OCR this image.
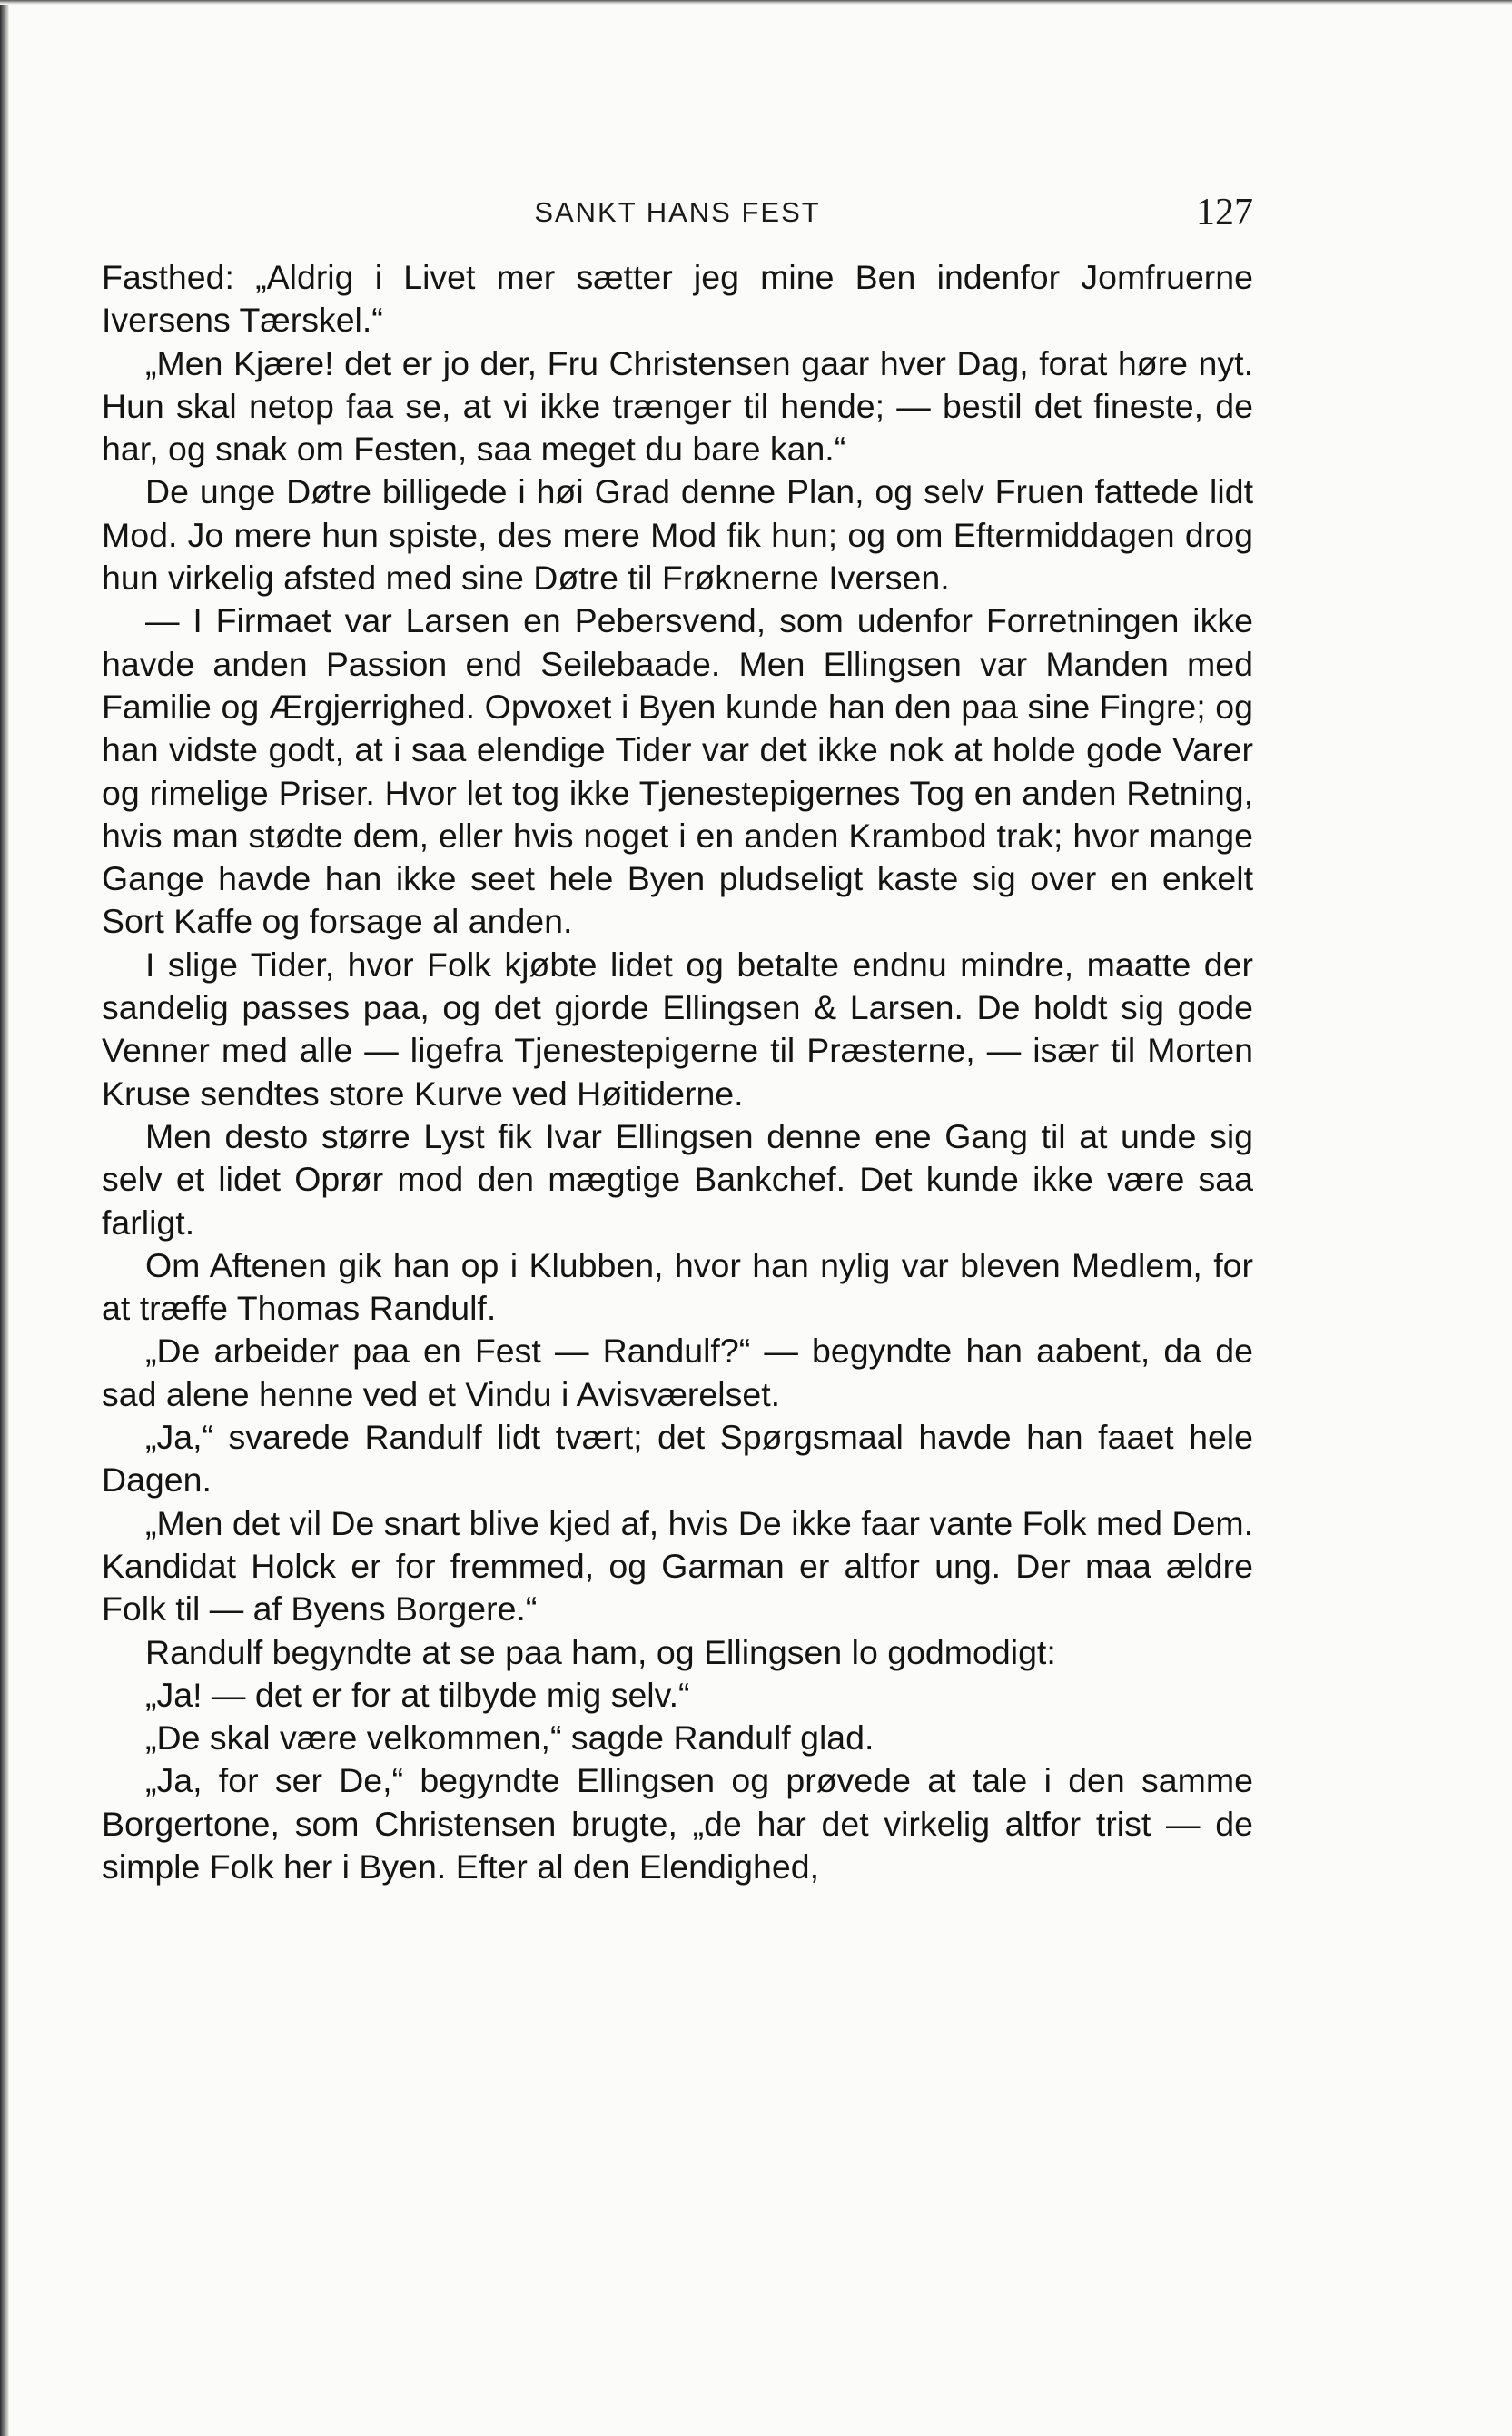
SANKT HANS FEST	127

Fasthed: „Aldrig i Livet mer sætter jeg mine Ben indenfor Jomfruerne Iversens Tærskel.“

„Men Kjære! det er jo der, Fru Christensen gaar hver Dag, forat høre nyt. Hun skal netop faa se, at vi ikke trænger til hende; — bestil det fineste, de har, og snak om Festen, saa meget du bare kan.“

De unge Døtre billigede i høi Grad denne Plan, og selv Fruen fattede lidt Mod. Jo mere hun spiste, des mere Mod fik hun; og om Eftermiddagen drog hun virkelig afsted med sine Døtre til Frøknerne Iversen.

— I Firmaet var Larsen en Pebersvend, som udenfor Forretningen ikke havde anden Passion end Seilebaade. Men Ellingsen var Manden med Familie og Ærgjerrighed. Opvoxet i Byen kunde han den paa sine Fingre; og han vidste godt, at i saa elendige Tider var det ikke nok at holde gode Varer og rimelige Priser. Hvor let tog ikke Tjenestepigernes Tog en anden Retning, hvis man stødte dem, eller hvis noget i en anden Krambod trak; hvor mange Gange havde han ikke seet hele Byen pludseligt kaste sig over en enkelt Sort Kaffe og forsage al anden.

I slige Tider, hvor Folk kjøbte lidet og betalte endnu mindre, maatte der sandelig passes paa, og det gjorde Ellingsen & Larsen. De holdt sig gode Venner med alle — ligefra Tjenestepigerne til Præsterne, — især til Morten Kruse sendtes store Kurve ved Høitiderne.

Men desto større Lyst fik Ivar Ellingsen denne ene Gang til at unde sig selv et lidet Oprør mod den mægtige Bankchef. Det kunde ikke være saa farligt.

Om Aftenen gik han op i Klubben, hvor han nylig var bleven Medlem, for at træffe Thomas Randulf.

„De arbeider paa en Fest — Randulf?“ — begyndte han aabent, da de sad alene henne ved et Vindu i Avisværelset.

„Ja,“ svarede Randulf lidt tvært; det Spørgsmaal havde han faaet hele Dagen.

„Men det vil De snart blive kjed af, hvis De ikke faar vante Folk med Dem. Kandidat Holck er for fremmed, og Garman er altfor ung. Der maa ældre Folk til — af Byens Borgere.“

Randulf begyndte at se paa ham, og Ellingsen lo godmodigt:

„Ja! — det er for at tilbyde mig selv.“

„De skal være velkommen,“ sagde Randulf glad.

„Ja, for ser De,“ begyndte Ellingsen og prøvede at tale i den samme Borgertone, som Christensen brugte, „de har det virkelig altfor trist — de simple Folk her i Byen. Efter al den Elendighed,
